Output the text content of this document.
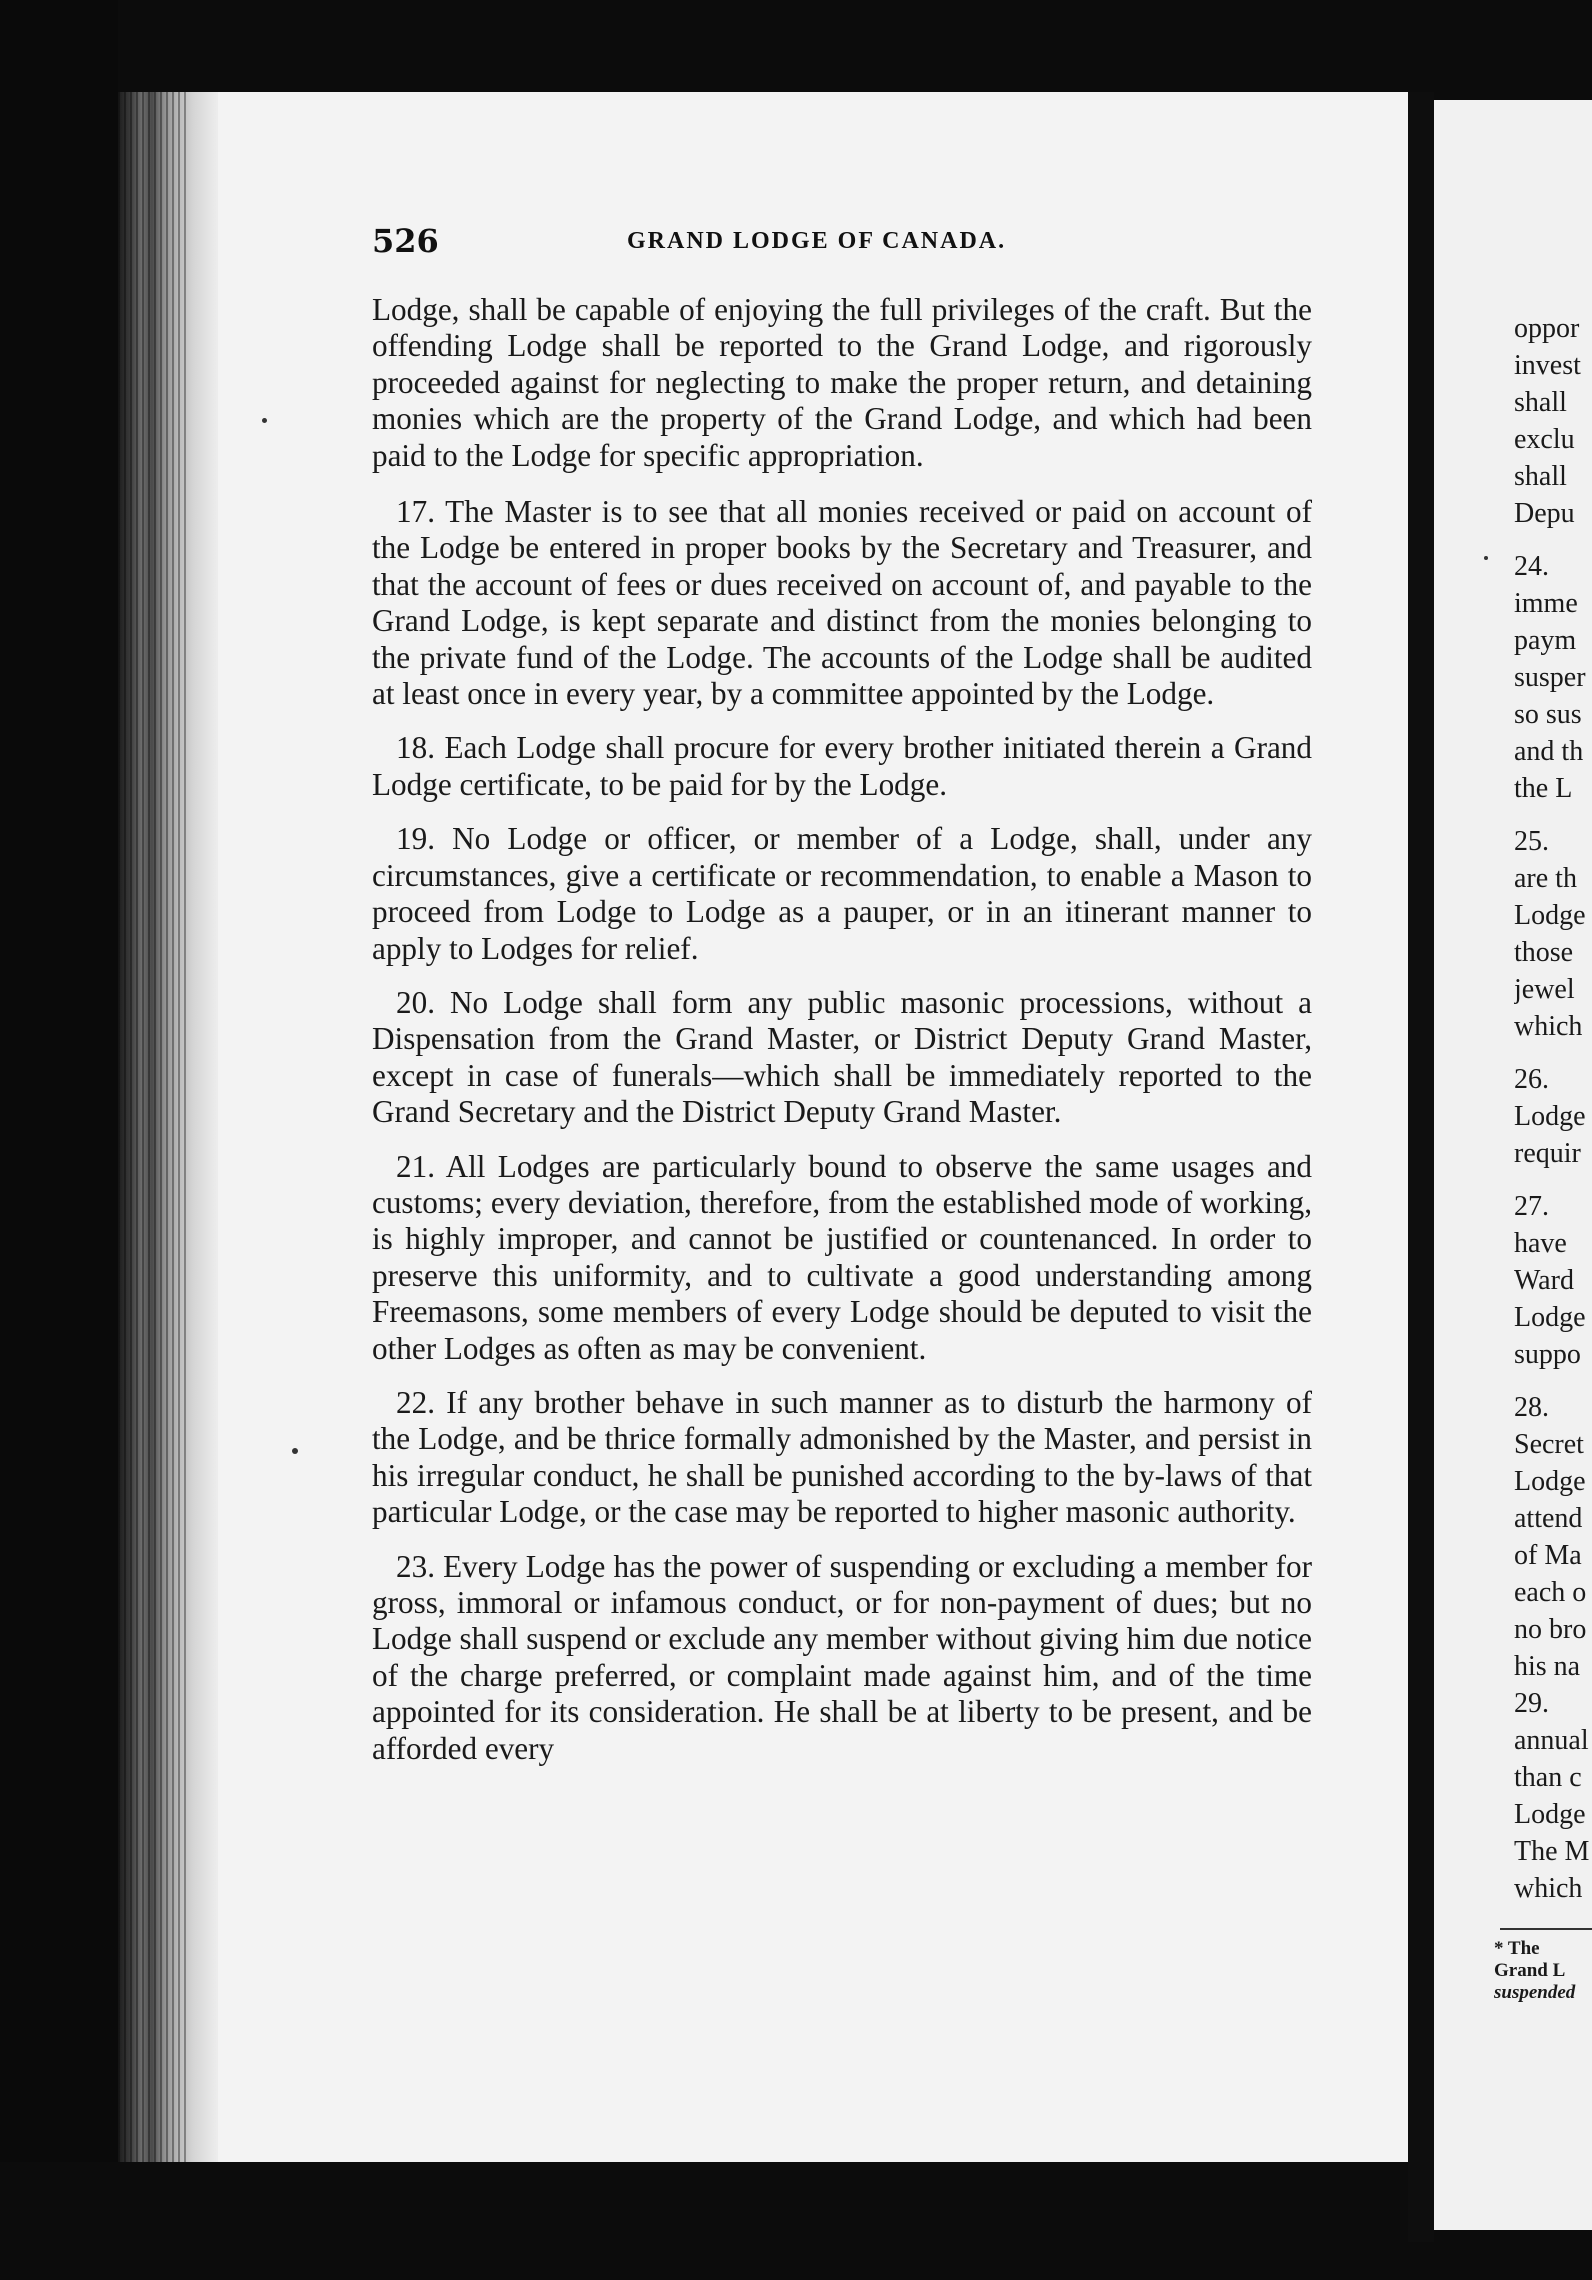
526	GRAND LODGE OF CANADA.

Lodge, shall be capable of enjoying the full privileges of the craft. But the offending Lodge shall be reported to the Grand Lodge, and rigorously proceeded against for neglecting to make the proper return, and detaining monies which are the property of the Grand Lodge, and which had been paid to the Lodge for specific appropriation.

17. The Master is to see that all monies received or paid on account of the Lodge be entered in proper books by the Secretary and Treasurer, and that the account of fees or dues received on account of, and payable to the Grand Lodge, is kept separate and distinct from the monies belonging to the private fund of the Lodge. The accounts of the Lodge shall be audited at least once in every year, by a committee appointed by the Lodge.

18. Each Lodge shall procure for every brother initiated therein a Grand Lodge certificate, to be paid for by the Lodge.

19. No Lodge or officer, or member of a Lodge, shall, under any circumstances, give a certificate or recommendation, to enable a Mason to proceed from Lodge to Lodge as a pauper, or in an itinerant manner to apply to Lodges for relief.

20. No Lodge shall form any public masonic processions, without a Dispensation from the Grand Master, or District Deputy Grand Master, except in case of funerals—which shall be immediately reported to the Grand Secretary and the District Deputy Grand Master.

21. All Lodges are particularly bound to observe the same usages and customs; every deviation, therefore, from the established mode of working, is highly improper, and cannot be justified or countenanced. In order to preserve this uniformity, and to cultivate a good understanding among Freemasons, some members of every Lodge should be deputed to visit the other Lodges as often as may be convenient.

22. If any brother behave in such manner as to disturb the harmony of the Lodge, and be thrice formally admonished by the Master, and persist in his irregular conduct, he shall be punished according to the by-laws of that particular Lodge, or the case may be reported to higher masonic authority.

23. Every Lodge has the power of suspending or excluding a member for gross, immoral or infamous conduct, or for non-payment of dues; but no Lodge shall suspend or exclude any member without giving him due notice of the charge preferred, or complaint made against him, and of the time appointed for its consideration. He shall be at liberty to be present, and be afforded every

oppor
invest
shall
exclu
shall
Depu
24.
imme
paym
susper
so sus
and th
the L
25.
are th
Lodge
those
jewel
which
26.
Lodge
requir
27.
have
Ward
Lodge
suppo
28.
Secret
Lodge
attend
of Ma
each o
no bro
his na
29.
annual
than c
Lodge
The M
which
* The
Grand L
suspended
